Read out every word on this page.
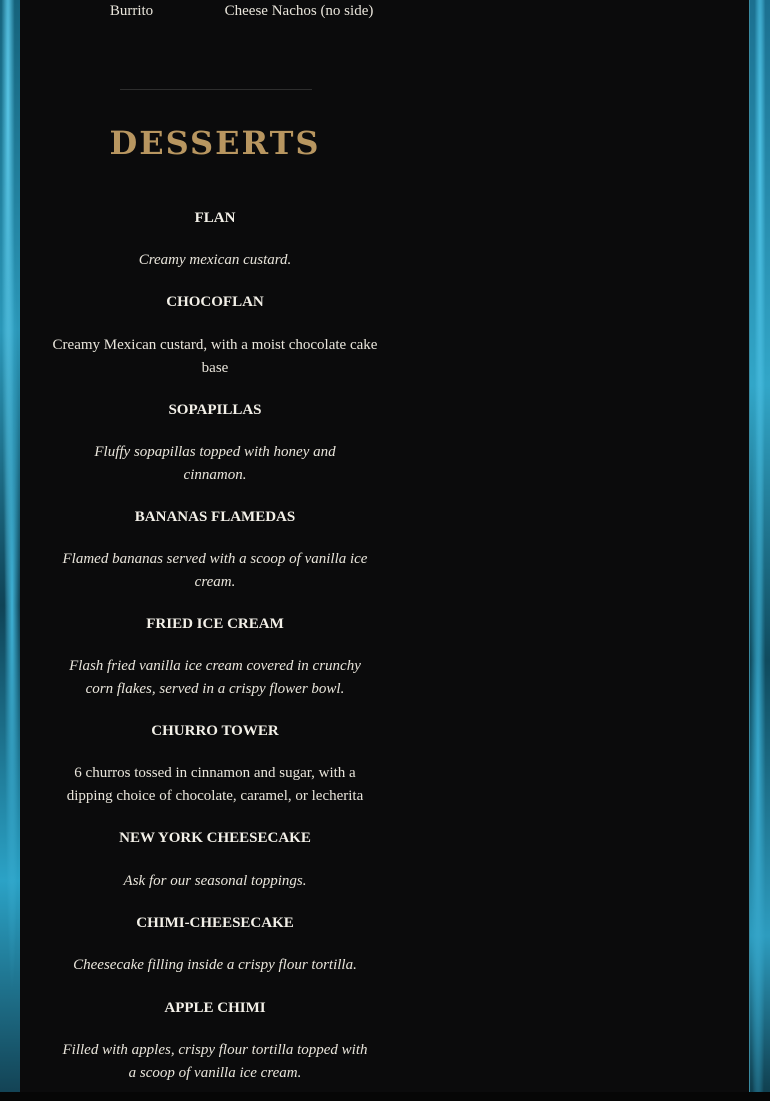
Burrito	Cheese Nachos (no side)
DESSERTS
FLAN
Creamy mexican custard.
CHOCOFLAN
Creamy Mexican custard, with a moist chocolate cake base
SOPAPILLAS
Fluffy sopapillas topped with honey and cinnamon.
BANANAS FLAMEDAS
Flamed bananas served with a scoop of vanilla ice cream.
FRIED ICE CREAM
Flash fried vanilla ice cream covered in crunchy corn flakes, served in a crispy flower bowl.
CHURRO TOWER
6 churros tossed in cinnamon and sugar, with a dipping choice of chocolate, caramel, or lecherita
NEW YORK CHEESECAKE
Ask for our seasonal toppings.
CHIMI-CHEESECAKE
Cheesecake filling inside a crispy flour tortilla.
APPLE CHIMI
Filled with apples, crispy flour tortilla topped with a scoop of vanilla ice cream.
